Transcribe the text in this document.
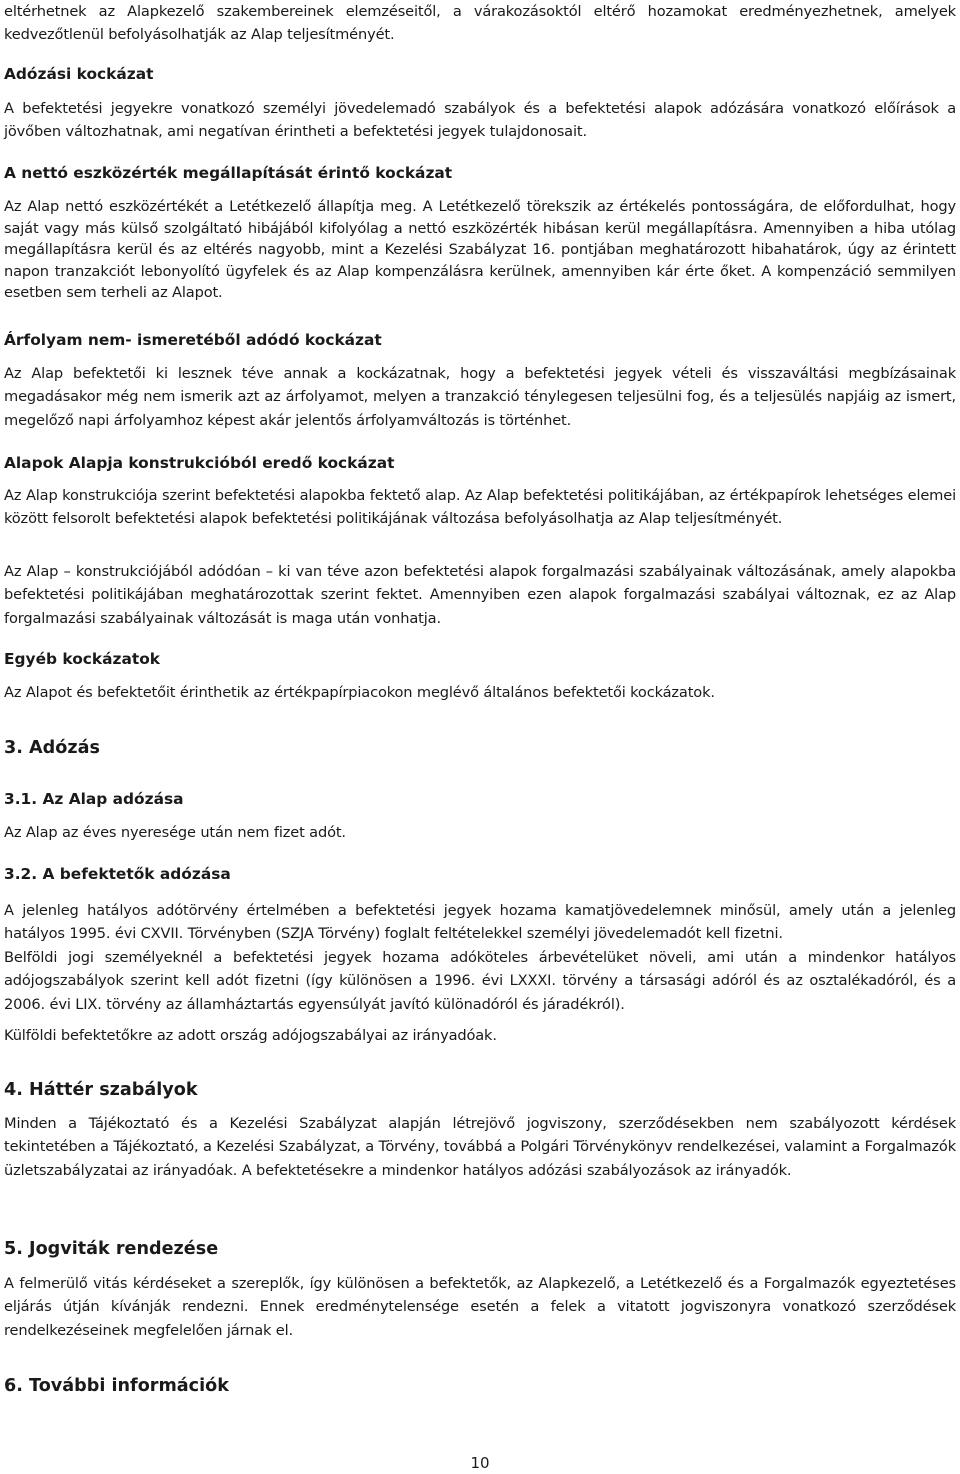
eltérhetnek az Alapkezelő szakembereinek elemzéseitől, a várakozásoktól eltérő hozamokat eredményezhetnek, amelyek kedvezőtlenül befolyásolhatják az Alap teljesítményét.

Adózási kockázat

A befektetési jegyekre vonatkozó személyi jövedelemadó szabályok és a befektetési alapok adózására vonatkozó előírások a jövőben változhatnak, ami negatívan érintheti a befektetési jegyek tulajdonosait.

A nettó eszközérték megállapítását érintő kockázat

Az Alap nettó eszközértékét a Letétkezelő állapítja meg. A Letétkezelő törekszik az értékelés pontosságára, de előfordulhat, hogy saját vagy más külső szolgáltató hibájából kifolyólag a nettó eszközérték hibásan kerül megállapításra. Amennyiben a hiba utólag megállapításra kerül és az eltérés nagyobb, mint a Kezelési Szabályzat 16. pontjában meghatározott hibahatárok, úgy az érintett napon tranzakciót lebonyolító ügyfelek és az Alap kompenzálásra kerülnek, amennyiben kár érte őket. A kompenzáció semmilyen esetben sem terheli az Alapot.

Árfolyam nem- ismeretéből adódó kockázat

Az Alap befektetői ki lesznek téve annak a kockázatnak, hogy a befektetési jegyek vételi és visszaváltási megbízásainak megadásakor még nem ismerik azt az árfolyamot, melyen a tranzakció ténylegesen teljesülni fog, és a teljesülés napjáig az ismert, megelőző napi árfolyamhoz képest akár jelentős árfolyamváltozás is történhet.

Alapok Alapja konstrukcióból eredő kockázat

Az Alap konstrukciója szerint befektetési alapokba fektető alap. Az Alap befektetési politikájában, az értékpapírok lehetséges elemei között felsorolt befektetési alapok befektetési politikájának változása befolyásolhatja az Alap teljesítményét.

Az Alap – konstrukciójából adódóan – ki van téve azon befektetési alapok forgalmazási szabályainak változásának, amely alapokba befektetési politikájában meghatározottak szerint fektet. Amennyiben ezen alapok forgalmazási szabályai változnak, ez az Alap forgalmazási szabályainak változását is maga után vonhatja.

Egyéb kockázatok

Az Alapot és befektetőit érinthetik az értékpapírpiacokon meglévő általános befektetői kockázatok.

3. Adózás
3.1. Az Alap adózása

Az Alap az éves nyeresége után nem fizet adót.

3.2. A befektetők adózása

A jelenleg hatályos adótörvény értelmében a befektetési jegyek hozama kamatjövedelemnek minősül, amely után a jelenleg hatályos 1995. évi CXVII. Törvényben (SZJA Törvény) foglalt feltételekkel személyi jövedelemadót kell fizetni.

Belföldi jogi személyeknél a befektetési jegyek hozama adóköteles árbevételüket növeli, ami után a mindenkor hatályos adójogszabályok szerint kell adót fizetni (így különösen a 1996. évi LXXXI. törvény a társasági adóról és az osztalékadóról, és a 2006. évi LIX. törvény az államháztartás egyensúlyát javító különadóról és járadékról).

Külföldi befektetőkre az adott ország adójogszabályai az irányadóak.

4. Háttér szabályok

Minden a Tájékoztató és a Kezelési Szabályzat alapján létrejövő jogviszony, szerződésekben nem szabályozott kérdések tekintetében a Tájékoztató, a Kezelési Szabályzat, a Törvény, továbbá a Polgári Törvénykönyv rendelkezései, valamint a Forgalmazók üzletszabályzatai az irányadóak. A befektetésekre a mindenkor hatályos adózási szabályozások az irányadók.

5. Jogviták rendezése

A felmerülő vitás kérdéseket a szereplők, így különösen a befektetők, az Alapkezelő, a Letétkezelő és a Forgalmazók egyeztetéses eljárás útján kívánják rendezni. Ennek eredménytelensége esetén a felek a vitatott jogviszonyra vonatkozó szerződések rendelkezéseinek megfelelően járnak el.

6. További információk
10
